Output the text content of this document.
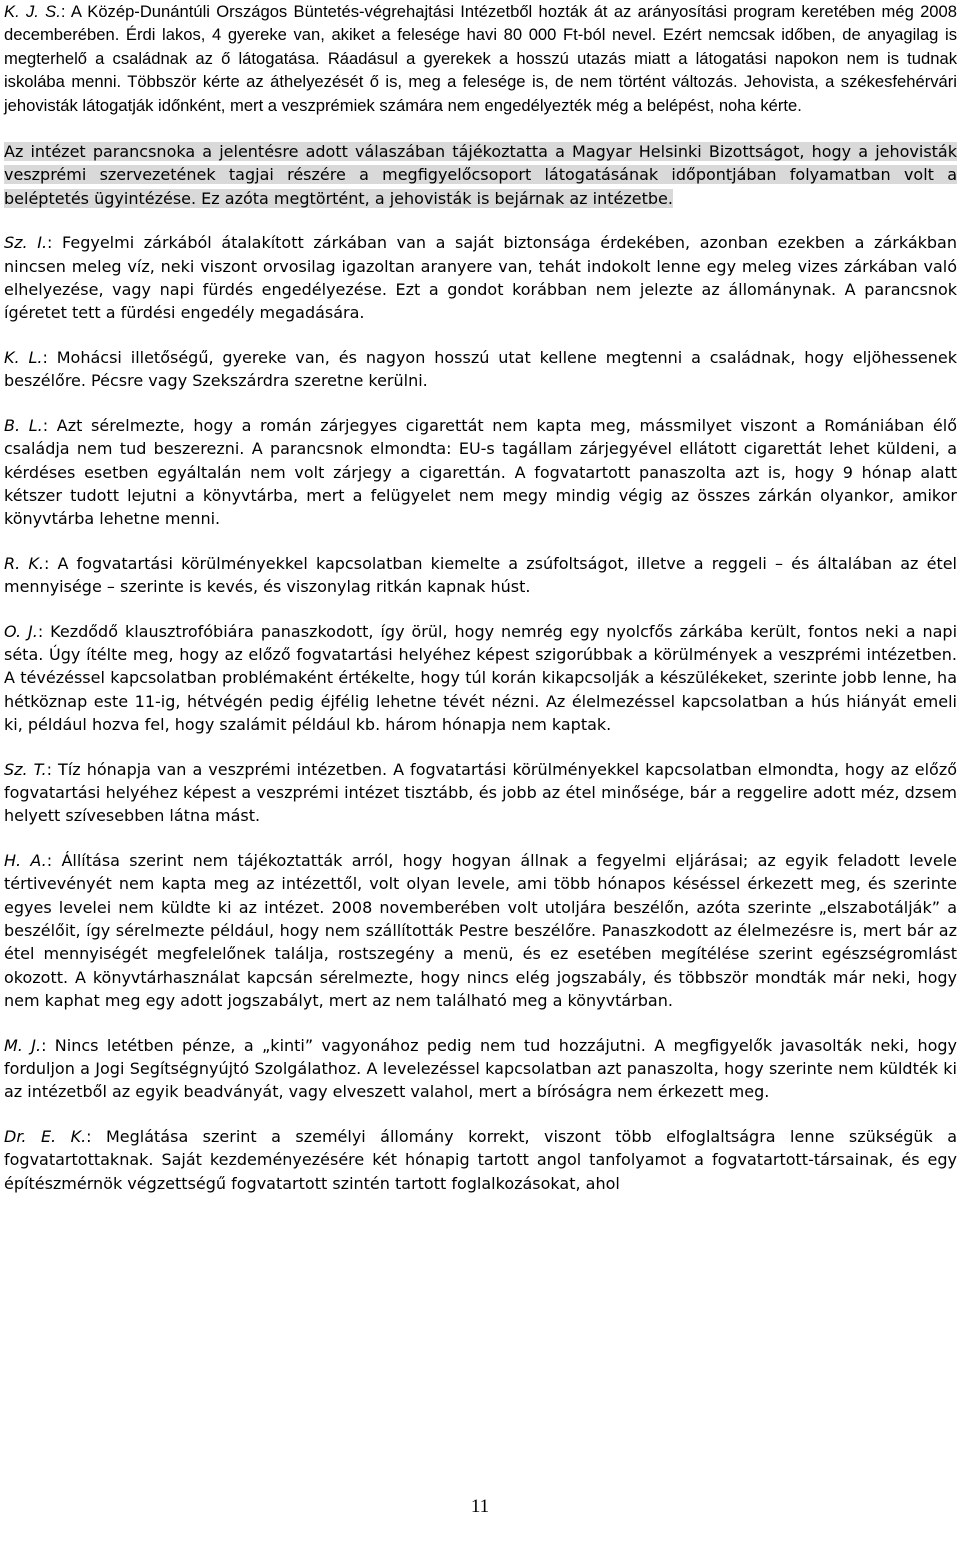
K. J. S.: A Közép-Dunántúli Országos Büntetés-végrehajtási Intézetből hozták át az arányosítási program keretében még 2008 decemberében. Érdi lakos, 4 gyereke van, akiket a felesége havi 80 000 Ft-ból nevel. Ezért nemcsak időben, de anyagilag is megterhelő a családnak az ő látogatása. Ráadásul a gyerekek a hosszú utazás miatt a látogatási napokon nem is tudnak iskolába menni. Többször kérte az áthelyezését ő is, meg a felesége is, de nem történt változás. Jehovista, a székesfehérvári jehovisták látogatják időnként, mert a veszprémiek számára nem engedélyezték még a belépést, noha kérte.

Az intézet parancsnoka a jelentésre adott válaszában tájékoztatta a Magyar Helsinki Bizottságot, hogy a jehovisták veszprémi szervezetének tagjai részére a megfigyelőcsoport látogatásának időpontjában folyamatban volt a beléptetés ügyintézése. Ez azóta megtörtént, a jehovisták is bejárnak az intézetbe.

Sz. I.: Fegyelmi zárkából átalakított zárkában van a saját biztonsága érdekében, azonban ezekben a zárkákban nincsen meleg víz, neki viszont orvosilag igazoltan aranyere van, tehát indokolt lenne egy meleg vizes zárkában való elhelyezése, vagy napi fürdés engedélyezése. Ezt a gondot korábban nem jelezte az állománynak. A parancsnok ígéretet tett a fürdési engedély megadására.

K. L.: Mohácsi illetőségű, gyereke van, és nagyon hosszú utat kellene megtenni a családnak, hogy eljöhessenek beszélőre. Pécsre vagy Szekszárdra szeretne kerülni.

B. L.: Azt sérelmezte, hogy a román zárjegyes cigarettát nem kapta meg, mássmilyet viszont a Romániában élő családja nem tud beszerezni. A parancsnok elmondta: EU-s tagállam zárjegyével ellátott cigarettát lehet küldeni, a kérdéses esetben egyáltalán nem volt zárjegy a cigarettán. A fogvatartott panaszolta azt is, hogy 9 hónap alatt kétszer tudott lejutni a könyvtárba, mert a felügyelet nem megy mindig végig az összes zárkán olyankor, amikor könyvtárba lehetne menni.

R. K.: A fogvatartási körülményekkel kapcsolatban kiemelte a zsúfoltságot, illetve a reggeli – és általában az étel mennyisége – szerinte is kevés, és viszonylag ritkán kapnak húst.

O. J.: Kezdődő klausztrofóbiára panaszkodott, így örül, hogy nemrég egy nyolcfős zárkába került, fontos neki a napi séta. Úgy ítélte meg, hogy az előző fogvatartási helyéhez képest szigorúbbak a körülmények a veszprémi intézetben. A tévézéssel kapcsolatban problémaként értékelte, hogy túl korán kikapcsolják a készülékeket, szerinte jobb lenne, ha hétköznap este 11-ig, hétvégén pedig éjfélig lehetne tévét nézni. Az élelmezéssel kapcsolatban a hús hiányát emeli ki, például hozva fel, hogy szalámit például kb. három hónapja nem kaptak.

Sz. T.: Tíz hónapja van a veszprémi intézetben. A fogvatartási körülményekkel kapcsolatban elmondta, hogy az előző fogvatartási helyéhez képest a veszprémi intézet tisztább, és jobb az étel minősége, bár a reggelire adott méz, dzsem helyett szívesebben látna mást.

H. A.: Állítása szerint nem tájékoztatták arról, hogy hogyan állnak a fegyelmi eljárásai; az egyik feladott levele tértivevényét nem kapta meg az intézettől, volt olyan levele, ami több hónapos késéssel érkezett meg, és szerinte egyes levelei nem küldte ki az intézet. 2008 novemberében volt utoljára beszélőn, azóta szerinte „elszabotálják” a beszélőit, így sérelmezte például, hogy nem szállították Pestre beszélőre. Panaszkodott az élelmezésre is, mert bár az étel mennyiségét megfelelőnek találja, rostszegény a menü, és ez esetében megítélése szerint egészségromlást okozott. A könyvtárhasználat kapcsán sérelmezte, hogy nincs elég jogszabály, és többször mondták már neki, hogy nem kaphat meg egy adott jogszabályt, mert az nem található meg a könyvtárban.

M. J.: Nincs letétben pénze, a „kinti” vagyonához pedig nem tud hozzájutni. A megfigyelők javasolták neki, hogy forduljon a Jogi Segítségnyújtó Szolgálathoz. A levelezéssel kapcsolatban azt panaszolta, hogy szerinte nem küldték ki az intézetből az egyik beadványát, vagy elveszett valahol, mert a bíróságra nem érkezett meg.

Dr. E. K.: Meglátása szerint a személyi állomány korrekt, viszont több elfoglaltságra lenne szükségük a fogvatartottaknak. Saját kezdeményezésére két hónapig tartott angol tanfolyamot a fogvatartott-társainak, és egy építészmérnök végzettségű fogvatartott szintén tartott foglalkozásokat, ahol

11
